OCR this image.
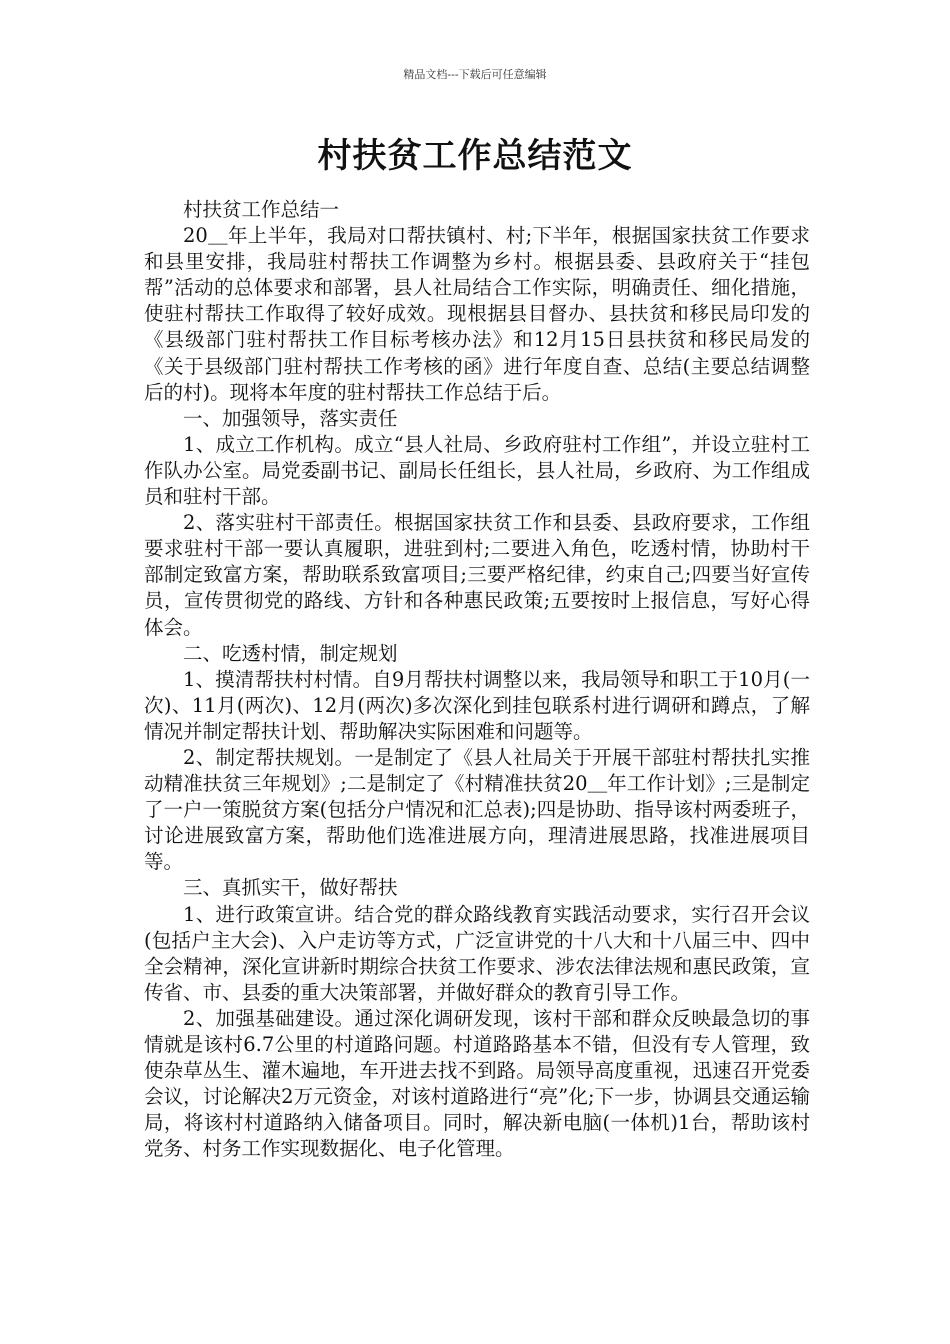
精品文档---下载后可任意编辑
村扶贫工作总结范文

村扶贫工作总结一

20＿年上半年，我局对口帮扶镇村、村;下半年，根据国家扶贫工作要求和县里安排，我局驻村帮扶工作调整为乡村。根据县委、县政府关于“挂包帮”活动的总体要求和部署，县人社局结合工作实际，明确责任、细化措施，使驻村帮扶工作取得了较好成效。现根据县目督办、县扶贫和移民局印发的《县级部门驻村帮扶工作目标考核办法》和12月15日县扶贫和移民局发的《关于县级部门驻村帮扶工作考核的函》进行年度自查、总结(主要总结调整后的村)。现将本年度的驻村帮扶工作总结于后。

一、加强领导，落实责任

1、成立工作机构。成立“县人社局、乡政府驻村工作组”，并设立驻村工作队办公室。局党委副书记、副局长任组长，县人社局，乡政府、为工作组成员和驻村干部。

2、落实驻村干部责任。根据国家扶贫工作和县委、县政府要求，工作组要求驻村干部一要认真履职，进驻到村;二要进入角色，吃透村情，协助村干部制定致富方案，帮助联系致富项目;三要严格纪律，约束自己;四要当好宣传员，宣传贯彻党的路线、方针和各种惠民政策;五要按时上报信息，写好心得体会。

二、吃透村情，制定规划

1、摸清帮扶村村情。自9月帮扶村调整以来，我局领导和职工于10月(一次)、11月(两次)、12月(两次)多次深化到挂包联系村进行调研和蹲点，了解情况并制定帮扶计划、帮助解决实际困难和问题等。

2、制定帮扶规划。一是制定了《县人社局关于开展干部驻村帮扶扎实推动精准扶贫三年规划》;二是制定了《村精准扶贫20＿年工作计划》;三是制定了一户一策脱贫方案(包括分户情况和汇总表);四是协助、指导该村两委班子，讨论进展致富方案，帮助他们选准进展方向，理清进展思路，找准进展项目等。

三、真抓实干，做好帮扶

1、进行政策宣讲。结合党的群众路线教育实践活动要求，实行召开会议(包括户主大会)、入户走访等方式，广泛宣讲党的十八大和十八届三中、四中全会精神，深化宣讲新时期综合扶贫工作要求、涉农法律法规和惠民政策，宣传省、市、县委的重大决策部署，并做好群众的教育引导工作。

2、加强基础建设。通过深化调研发现，该村干部和群众反映最急切的事情就是该村6.7公里的村道路问题。村道路路基本不错，但没有专人管理，致使杂草丛生、灌木遍地，车开进去找不到路。局领导高度重视，迅速召开党委会议，讨论解决2万元资金，对该村道路进行“亮”化;下一步，协调县交通运输局，将该村村道路纳入储备项目。同时，解决新电脑(一体机)1台，帮助该村党务、村务工作实现数据化、电子化管理。
